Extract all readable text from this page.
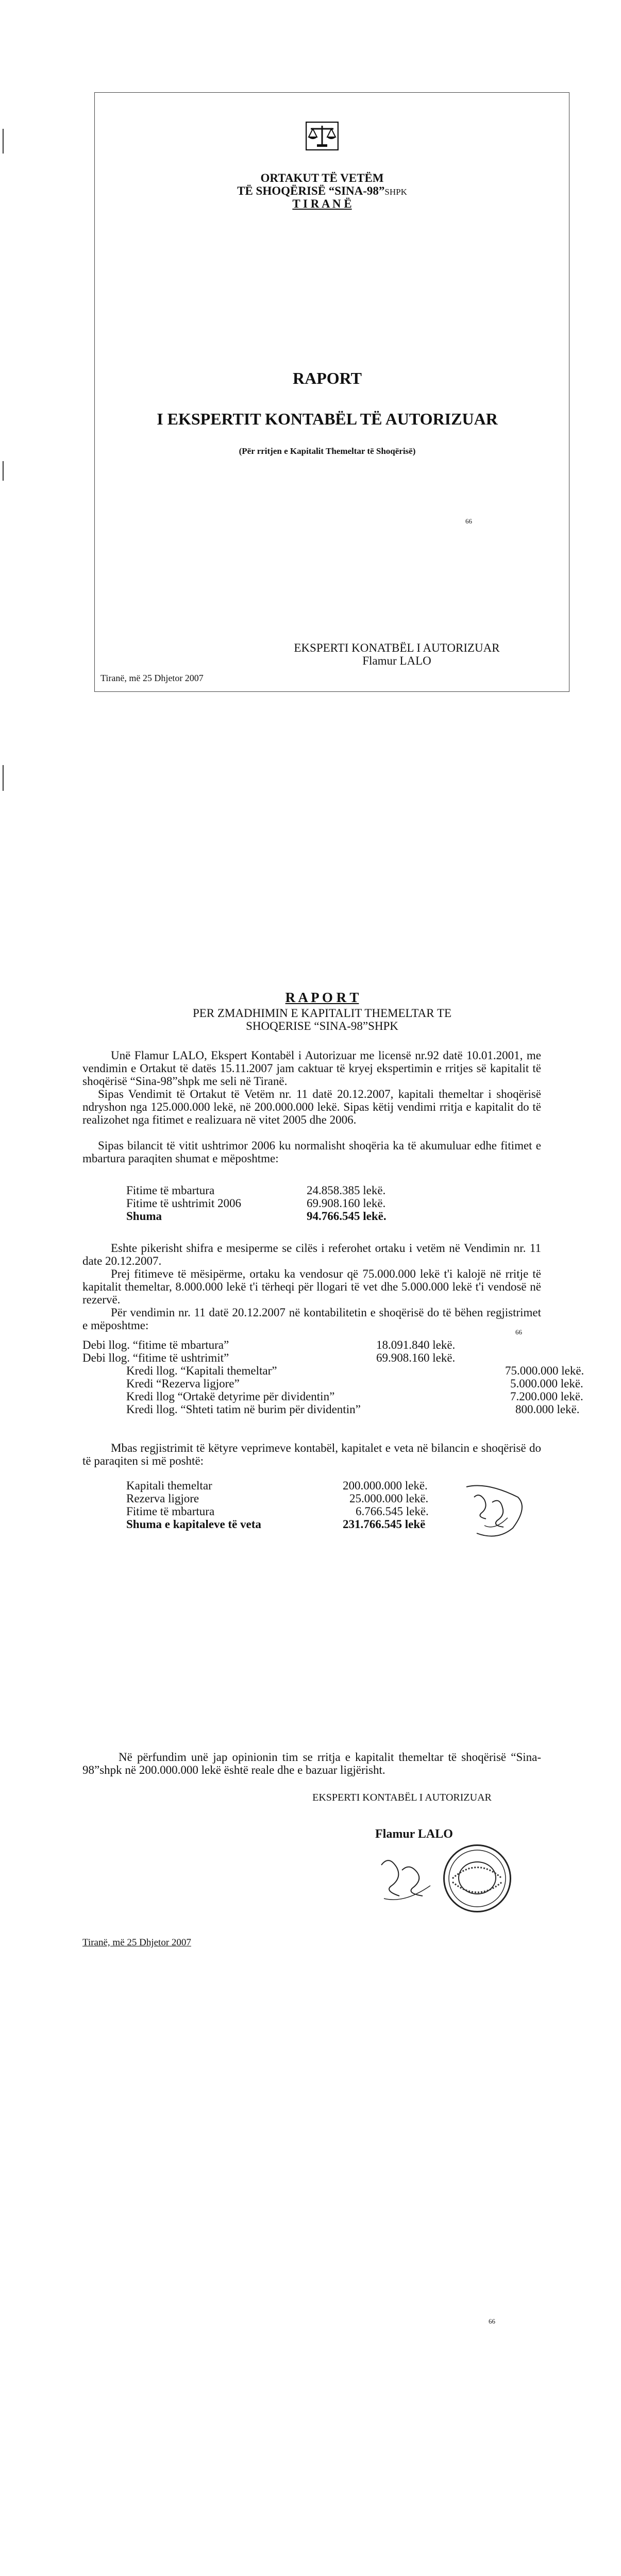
ORTAKUT TË VETËM
TË SHOQËRISË “SINA-98”SHPK
T I R A N Ë
RAPORT
I EKSPERTIT KONTABËL TË AUTORIZUAR
(Për rritjen e Kapitalit Themeltar të Shoqërisë)
66
EKSPERTI KONATBËL I AUTORIZUAR
Flamur LALO
Tiranë, më 25 Dhjetor 2007
R A P O R T
PER ZMADHIMIN E KAPITALIT THEMELTAR TE
SHOQERISE “SINA-98”SHPK
Unë Flamur LALO, Ekspert Kontabël i Autorizuar me licensë nr.92 datë 10.01.2001, me vendimin e Ortakut të datës 15.11.2007 jam caktuar të kryej ekspertimin e rritjes së kapitalit të shoqërisë “Sina-98”shpk me seli në Tiranë.
Sipas Vendimit të Ortakut të Vetëm nr. 11 datë 20.12.2007, kapitali themeltar i shoqërisë ndryshon nga 125.000.000 lekë, në 200.000.000 lekë. Sipas këtij vendimi rritja e kapitalit do të realizohet nga fitimet e realizuara në vitet 2005 dhe 2006.
Sipas bilancit të vitit ushtrimor 2006 ku normalisht shoqëria ka të akumuluar edhe fitimet e mbartura paraqiten shumat e mëposhtme:
Fitime të mbartura	24.858.385 lekë.
Fitime të ushtrimit 2006	69.908.160 lekë.
Shuma	94.766.545 lekë.
Eshte pikerisht shifra e mesiperme se cilës i referohet ortaku i vetëm në Vendimin nr. 11 date 20.12.2007.
Prej fitimeve të mësipërme, ortaku ka vendosur që 75.000.000 lekë t'i kalojë në rritje të kapitalit themeltar, 8.000.000 lekë t'i tërheqi për llogari të vet dhe 5.000.000 lekë t'i vendosë në rezervë.
Për vendimin nr. 11 datë 20.12.2007 në kontabilitetin e shoqërisë do të bëhen regjistrimet e mëposhtme:
66
Debi llog. “fitime të mbartura”	18.091.840 lekë.
Debi llog. “fitime të ushtrimit”	69.908.160 lekë.
Kredi llog. “Kapitali themeltar”	75.000.000 lekë.
Kredi “Rezerva ligjore”	5.000.000 lekë.
Kredi llog “Ortakë detyrime për dividentin”	7.200.000 lekë.
Kredi llog. “Shteti tatim në burim për dividentin”	800.000 lekë.
Mbas regjistrimit të këtyre veprimeve kontabël, kapitalet e veta në bilancin e shoqërisë do të paraqiten si më poshtë:
Kapitali themeltar	200.000.000 lekë.
Rezerva ligjore	25.000.000 lekë.
Fitime të mbartura	6.766.545 lekë.
Shuma e kapitaleve të veta	231.766.545 lekë
Në përfundim unë jap opinionin tim se rritja e kapitalit themeltar të shoqërisë “Sina-98”shpk në 200.000.000 lekë është reale dhe e bazuar ligjërisht.
EKSPERTI KONTABËL I AUTORIZUAR
Flamur LALO
Tiranë, më 25 Dhjetor 2007
66
